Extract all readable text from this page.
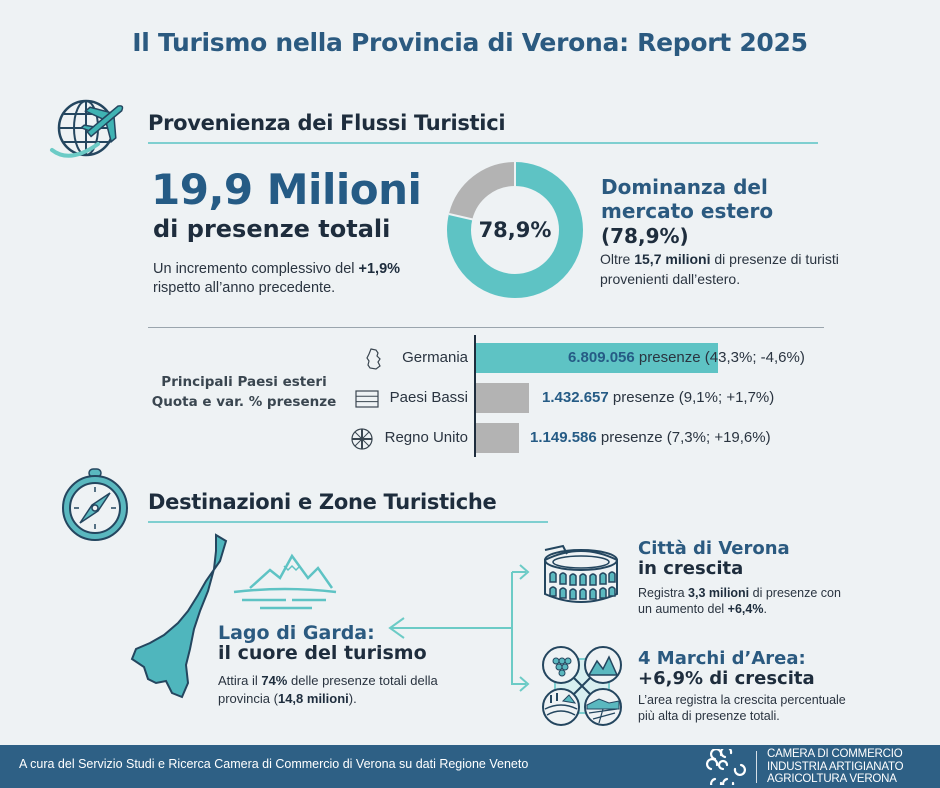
Il Turismo nella Provincia di Verona: Report 2025
Provenienza dei Flussi Turistici
19,9 Milioni
di presenze totali
Un incremento complessivo del +1,9%
rispetto all’anno precedente.
78,9%
Dominanza del mercato estero
(78,9%)
Oltre 15,7 milioni di presenze di turisti provenienti dall’estero.
Principali Paesi esteri
Quota e var. % presenze
Germania	6.809.056 presenze (43,3%; -4,6%)
Paesi Bassi	1.432.657 presenze (9,1%; +1,7%)
Regno Unito	1.149.586 presenze (7,3%; +19,6%)
Destinazioni e Zone Turistiche
Lago di Garda:
il cuore del turismo
Attira il 74% delle presenze totali della provincia (14,8 milioni).
Città di Verona
in crescita
Registra 3,3 milioni di presenze con un aumento del +6,4%.
4 Marchi d’Area:
+6,9% di crescita
L’area registra la crescita percentuale più alta di presenze totali.
A cura del Servizio Studi e Ricerca Camera di Commercio di Verona su dati Regione Veneto
CAMERA DI COMMERCIO
INDUSTRIA ARTIGIANATO
AGRICOLTURA VERONA
